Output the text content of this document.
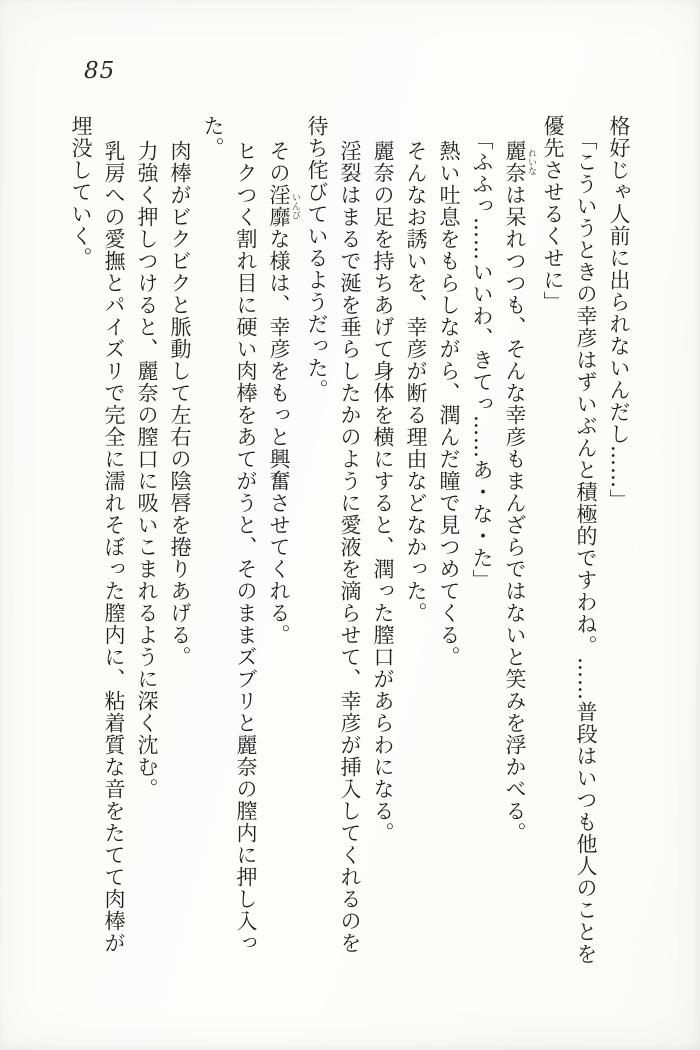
85
格好じゃ人前に出られないんだし……」
「こういうときの幸彦はずいぶんと積極的ですわね。……普段はいつも他人のことを
優先させるくせに」
麗奈 れいなは呆れつつも、そんな幸彦もまんざらではないと笑みを浮かべる。
「ふふっ……いいわ、きてっ……あ・な・た」
熱い吐息をもらしながら、潤んだ瞳で見つめてくる。
そんなお誘いを、幸彦が断る理由などなかった。
麗奈の足を持ちあげて身体を横にすると、潤った膣口があらわになる。
淫裂はまるで涎を垂らしたかのように愛液を滴らせて、幸彦が挿入してくれるのを
待ち侘びているようだった。
その淫靡 いんびな様は、幸彦をもっと興奮させてくれる。
ヒクつく割れ目に硬い肉棒をあてがうと、そのままズブリと麗奈の膣内に押し入っ
た。
肉棒がビクビクと脈動して左右の陰唇を捲りあげる。
力強く押しつけると、麗奈の膣口に吸いこまれるように深く沈む。
乳房への愛撫とパイズリで完全に濡れそぼった膣内に、粘着質な音をたてて肉棒が
埋没していく。
